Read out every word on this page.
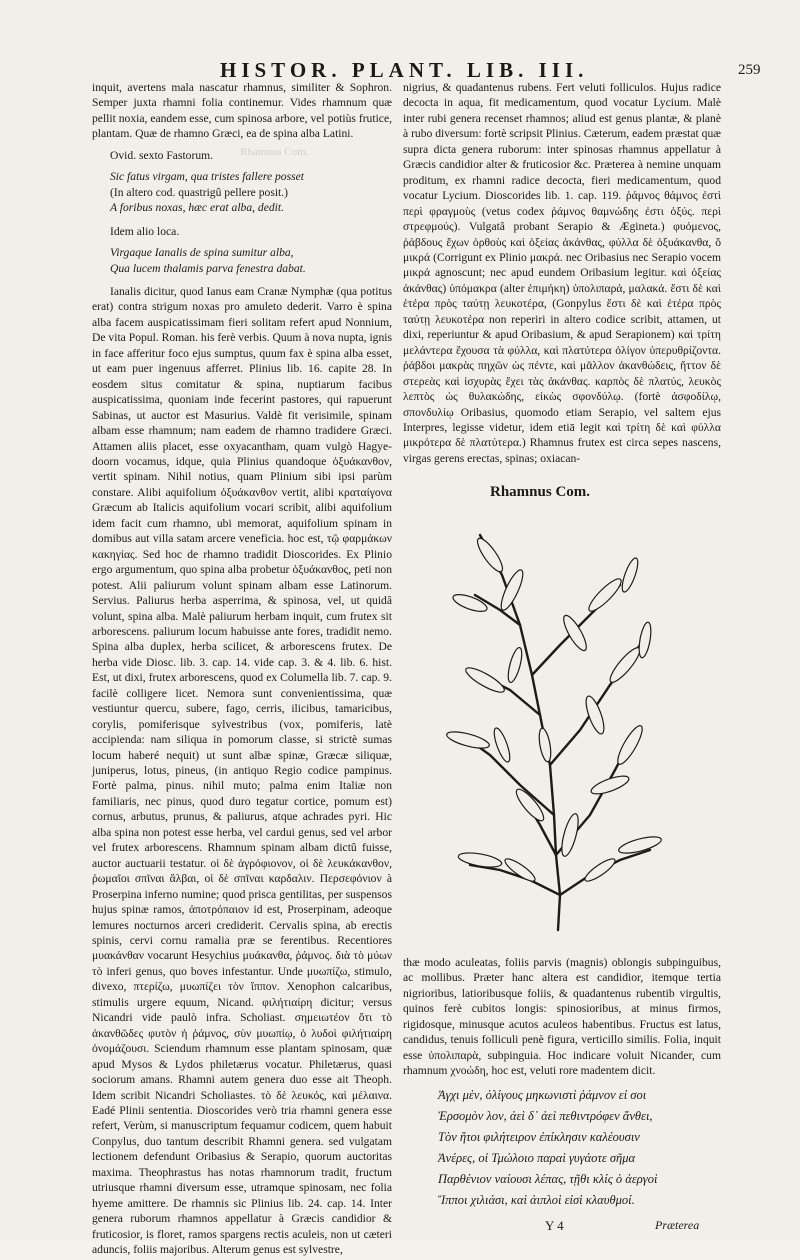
HISTOR. PLANT. LIB. III.	259
Rhamnus Com.

inquit, avertens mala nascatur rhamnus, similiter & Sophron. Semper juxta rhamni folia continemur. Vides rhamnum quæ pellit noxia, eandem esse, cum spinosa arbore, vel potiùs frutice, plantam. Quæ de rhamno Græci, ea de spina alba Latini.

Ovid. sexto Fastorum.
Sic fatus virgam, qua tristes fallere posset
(In altero cod. quastrigû pellere posit.)
A foribus noxas, hæc erat alba, dedit.
Idem alio loca.
Virgaque Ianalis de spina sumitur alba,
Qua lucem thalamis parva fenestra dabat.

Ianalis dicitur, quod Ianus eam Cranæ Nymphæ (qua potitus erat) contra strigum noxas pro amuleto dederit. Varro è spina alba facem auspicatissimam fieri solitam refert apud Nonnium, De vita Popul. Roman. his ferè verbis. Quum à nova nupta, ignis in face afferitur foco ejus sumptus, quum fax è spina alba esset, ut eam puer ingenuus afferret. Plinius lib. 16. capite 28. In eosdem situs comitatur & spina, nuptiarum facibus auspicatissima, quoniam inde fecerint pastores, qui rapuerunt Sabinas, ut auctor est Masurius. Valdè fit verisimile, spinam albam esse rhamnum; nam eadem de rhamno tradidere Græci. Attamen aliis placet, esse oxyacantham, quam vulgò Hagye-doorn vocamus, idque, quia Plinius quandoque ὀξυάκανθον, vertit spinam. Nihil notius, quam Plinium sibi ipsi parùm constare. Alibi aquifolium ὀξυάκανθον vertit, alibi κραταίγονα Græcum ab Italicis aquifolium vocari scribit, alibi aquifolium idem facit cum rhamno, ubi memorat, aquifolium spinam in domibus aut villa satam arcere veneficia. hoc est, τῷ φαρμάκων κακηγίας. Sed hoc de rhamno tradidit Dioscorides. Ex Plinio ergo argumentum, quo spina alba probetur ὀξυάκανθος, peti non potest. Alii paliurum volunt spinam albam esse Latinorum. Servius. Paliurus herba asperrima, & spinosa, vel, ut quidâ volunt, spina alba. Malè paliurum herbam inquit, cum frutex sit arborescens. paliurum locum habuisse ante fores, tradidit nemo. Spina alba duplex, herba scilicet, & arborescens frutex. De herba vide Diosc. lib. 3. cap. 14. vide cap. 3. & 4. lib. 6. hist. Est, ut dixi, frutex arborescens, quod ex Columella lib. 7. cap. 9. facilè colligere licet. Nemora sunt convenientissima, quæ vestiuntur quercu, subere, fago, cerris, ilicibus, tamaricibus, corylis, pomiferisque sylvestribus (vox, pomiferis, latè accipienda: nam siliqua in pomorum classe, si strictè sumas locum haberé nequit) ut sunt albæ spinæ, Græcæ siliquæ, juniperus, lotus, pineus, (in antiquo Regio codice pampinus. Fortè palma, pinus. nihil muto; palma enim Italiæ non familiaris, nec pinus, quod duro tegatur cortice, pomum est) cornus, arbutus, prunus, & paliurus, atque achrades pyri. Hic alba spina non potest esse herba, vel cardui genus, sed vel arbor vel frutex arborescens. Rhamnum spinam albam dictû fuisse, auctor auctuarii testatur. οἱ δὲ ἀγρόφιονον, οἱ δὲ λευκάκανθον, ῥωμαῖοι σπῖναι ἄλβαι, οἱ δὲ σπῖναι καρδαλιν. Περσεφόνιον à Proserpina inferno numine; quod prisca gentilitas, per suspensos hujus spinæ ramos, ἀποτρόπαιον id est, Proserpinam, adeoque lemures nocturnos arceri crediderit. Cervalis spina, ab erectis spinis, cervi cornu ramalia præ se ferentibus. Recentiores μυακάνθαν vocarunt Hesychius μυάκανθα, ῥάμνος. διὰ τὸ μύων τὸ inferi genus, quo boves infestantur. Unde μυωπίζω, stimulo, divexo, πτερίζω, μυωπίζει τὸν ἵππον. Xenophon calcaribus, stimulis urgere equum, Nicand. φιλήτιαίρη dicitur; versus Nicandri vide paulò infra. Scholiast. σημειωτέον ὅτι τὸ ἀκανθῶδες φυτὸν ἡ ῥάμνος, σὺν μυωπίῳ, ὁ λυδοὶ φιλήτιαίρη ὀνομάζουσι. Sciendum rhamnum esse plantam spinosam, quæ apud Mysos & Lydos philetærus vocatur. Philetærus, quasi sociorum amans. Rhamni autem genera duo esse ait Theoph. Idem scribit Nicandri Scholiastes. τὸ δὲ λευκός, καὶ μέλαινα. Eadé Plinii sententia. Dioscorides verò tria rhamni genera esse refert, Verùm, si manuscriptum fequamur codicem, quem habuit Conpylus, duo tantum describit Rhamni genera. sed vulgatam lectionem defendunt Oribasius & Serapio, quorum auctoritas maxima. Theophrastus has notas rhamnorum tradit, fructum utriusque rhamni diversum esse, utramque spinosam, nec folia hyeme amittere. De rhamnis sic Plinius lib. 24. cap. 14. Inter genera ruborum rhamnos appellatur à Græcis candidior & fruticosior, is floret, ramos spargens rectis aculeis, non ut cæteri aduncis, foliis majoribus. Alterum genus est sylvestre,

nigrius, & quadantenus rubens. Fert veluti folliculos. Hujus radice decocta in aqua, fit medicamentum, quod vocatur Lycium. Malè inter rubi genera recenset rhamnos; aliud est genus plantæ, & planè à rubo diversum: fortè scripsit Plinius. Cæterum, eadem præstat quæ supra dicta genera ruborum: inter spinosas rhamnus appellatur à Græcis candidior alter & fruticosior &c. Præterea à nemine unquam proditum, ex rhamni radice decocta, fieri medicamentum, quod vocatur Lycium. Dioscorides lib. 1. cap. 119. ῥάμνος θάμνος ἐστὶ περὶ φραγμοὺς (vetus codex ῥάμνος θαμνώδης ἐστι ὀξύς. περὶ στρεφμούς). Vulgatâ probant Serapio & Ægineta.) φυόμενος, ῥάβδους ἔχων ὀρθοὺς καὶ ὀξείας ἀκάνθας, φύλλα δὲ ὀξυάκανθα, ὅ μικρά (Corrigunt ex Plinio μακρά. nec Oribasius nec Serapio vocem μικρά agnoscunt; nec apud eundem Oribasium legitur. καὶ ὀξείας ἀκάνθας) ὑπόμακρα (alter ἐπιμήκη) ὑπολιπαρά, μαλακά. ἔστι δὲ καὶ ἑτέρα πρὸς ταύτῃ λευκοτέρα, (Gonpylus ἔστι δὲ καὶ ἑτέρα πρὸς ταύτῃ λευκοτέρα non reperiri in altero codice scribit, attamen, ut dixi, reperiuntur & apud Oribasium, & apud Serapionem) καὶ τρίτη μελάντερα ἔχουσα τὰ φύλλα, καὶ πλατύτερα ὀλίγον ὑπερυθρίζοντα. ῥάβδοι μακρὰς πηχῶν ὡς πέντε, καὶ μᾶλλον ἀκανθώδεις, ἥττον δὲ στερεὰς καὶ ἰσχυρὰς ἔχει τὰς ἀκάνθας. καρπὸς δὲ πλατύς, λευκὸς λεπτὸς ὡς θυλακώδης, εἰκὼς σφονδύλῳ. (fortè ἀσφοδίλῳ, σπονδυλίῳ Oribasius, quomodo etiam Serapio, vel saltem ejus Interpres, legisse videtur, idem etiā legit καὶ τρίτη δὲ καὶ φύλλα μικρότερα δὲ πλατύτερα.) Rhamnus frutex est circa sepes nascens, virgas gerens erectas, spinas; oxiacan-

Rhamnus Com.

thæ modo aculeatas, foliis parvis (magnis) oblongis subpinguibus, ac mollibus. Præter hanc altera est candidior, itemque tertia nigrioribus, latioribusque foliis, & quadantenus rubentib virgultis, quinos ferè cubitos longis: spinosioribus, at minus firmos, rigidosque, minusque acutos aculeos habentibus. Fructus est latus, candidus, tenuis folliculi penè figura, verticillo similis. Folia, inquit esse ὑπολιπαρὰ, subpinguia. Hoc indicare voluit Nicander, cum rhamnum χνοώδη, hoc est, veluti rore madentem dicit.

Ἀγχι μὲν, ὀλίγους μηκωνιστὶ ῥάμνον εἰ σοι
Ἐρσομὸν λον, ἀεὶ δ᾽ ἀεὶ πεθιντρόφεν ἄνθει,
Τὸν ἥτοι φιλήτειρον ἐπίκλησιν καλέουσιν
Ἀνέρες, οἱ Τμώλοιο παραὶ γυγάοτε σῆμα
Παρθένιον ναίουσι λέπας, τῇθι κλίς ὁ ἀεργοὶ
Ἵπποι χιλιάσι, καὶ ἀιπλοὶ εἰσὶ κλαυθμοί.
Y 4	Præterea
